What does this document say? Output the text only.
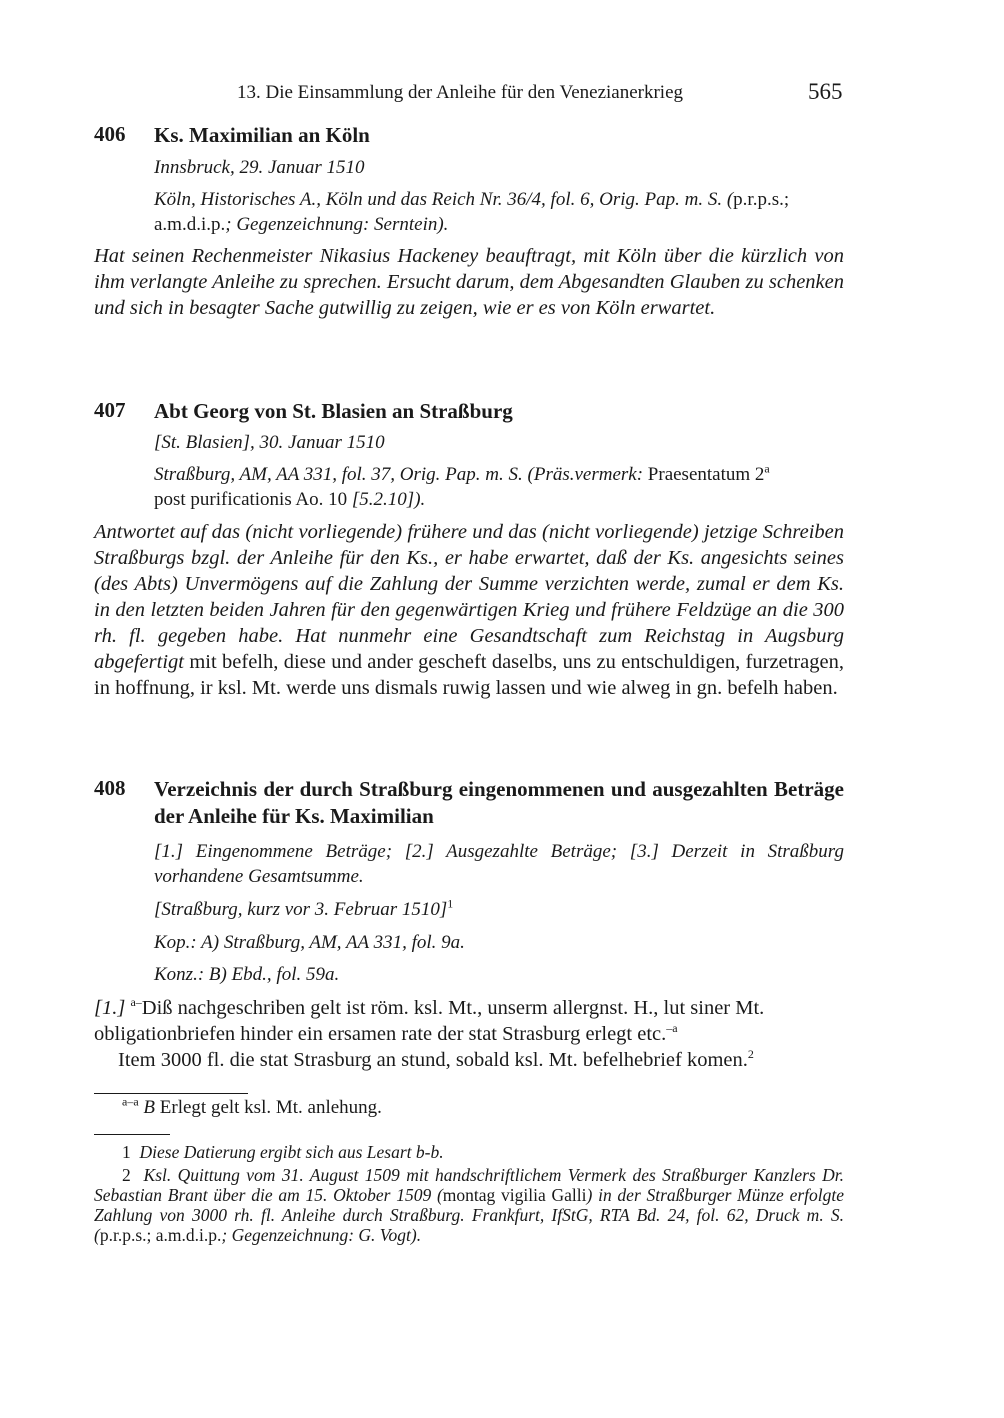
13. Die Einsammlung der Anleihe für den Venezianerkrieg	565
406 Ks. Maximilian an Köln
Innsbruck, 29. Januar 1510
Köln, Historisches A., Köln und das Reich Nr. 36/4, fol. 6, Orig. Pap. m. S. (p.r.p.s.;
a.m.d.i.p.; Gegenzeichnung: Serntein).
Hat seinen Rechenmeister Nikasius Hackeney beauftragt, mit Köln über die kürzlich von ihm verlangte Anleihe zu sprechen. Ersucht darum, dem Abgesandten Glauben zu schenken und sich in besagter Sache gutwillig zu zeigen, wie er es von Köln erwartet.
407 Abt Georg von St. Blasien an Straßburg
[St. Blasien], 30. Januar 1510
Straßburg, AM, AA 331, fol. 37, Orig. Pap. m. S. (Präs.vermerk: Praesentatum 2$^a$
post purificationis Ao. 10 [5.2.10]).
Antwortet auf das (nicht vorliegende) frühere und das (nicht vorliegende) jetzige Schreiben Straßburgs bzgl. der Anleihe für den Ks., er habe erwartet, daß der Ks. angesichts seines (des Abts) Unvermögens auf die Zahlung der Summe verzichten werde, zumal er dem Ks. in den letzten beiden Jahren für den gegenwärtigen Krieg und frühere Feldzüge an die 300 rh. fl. gegeben habe. Hat nunmehr eine Gesandtschaft zum Reichstag in Augsburg abgefertigt mit befelh, diese und ander gescheft daselbs, uns zu entschuldigen, furzetragen, in hoffnung, ir ksl. Mt. werde uns dismals ruwig lassen und wie alweg in gn. befelh haben.
408 Verzeichnis der durch Straßburg eingenommenen und ausgezahlten Beträge der Anleihe für Ks. Maximilian
[1.] Eingenommene Beträge; [2.] Ausgezahlte Beträge; [3.] Derzeit in Straßburg vorhandene Gesamtsumme.
[Straßburg, kurz vor 3. Februar 1510]$^1$
Kop.: A) Straßburg, AM, AA 331, fol. 9a.
Konz.: B) Ebd., fol. 59a.
[1.] $^{a-}$Diß nachgeschriben gelt ist röm. ksl. Mt., unserm allergnst. H., lut siner Mt. obligationbriefen hinder ein ersamen rate der stat Strasburg erlegt etc.$^{-a}$
Item 3000 fl. die stat Strasburg an stund, sobald ksl. Mt. befelhebrief komen.$^2$
$^{a-a}$ B Erlegt gelt ksl. Mt. anlehung.
1 Diese Datierung ergibt sich aus Lesart b-b.
2 Ksl. Quittung vom 31. August 1509 mit handschriftlichem Vermerk des Straßburger Kanzlers Dr. Sebastian Brant über die am 15. Oktober 1509 (montag vigilia Galli) in der Straßburger Münze erfolgte Zahlung von 3000 rh. fl. Anleihe durch Straßburg. Frankfurt, IfStG, RTA Bd. 24, fol. 62, Druck m. S. (p.r.p.s.; a.m.d.i.p.; Gegenzeichnung: G. Vogt).
